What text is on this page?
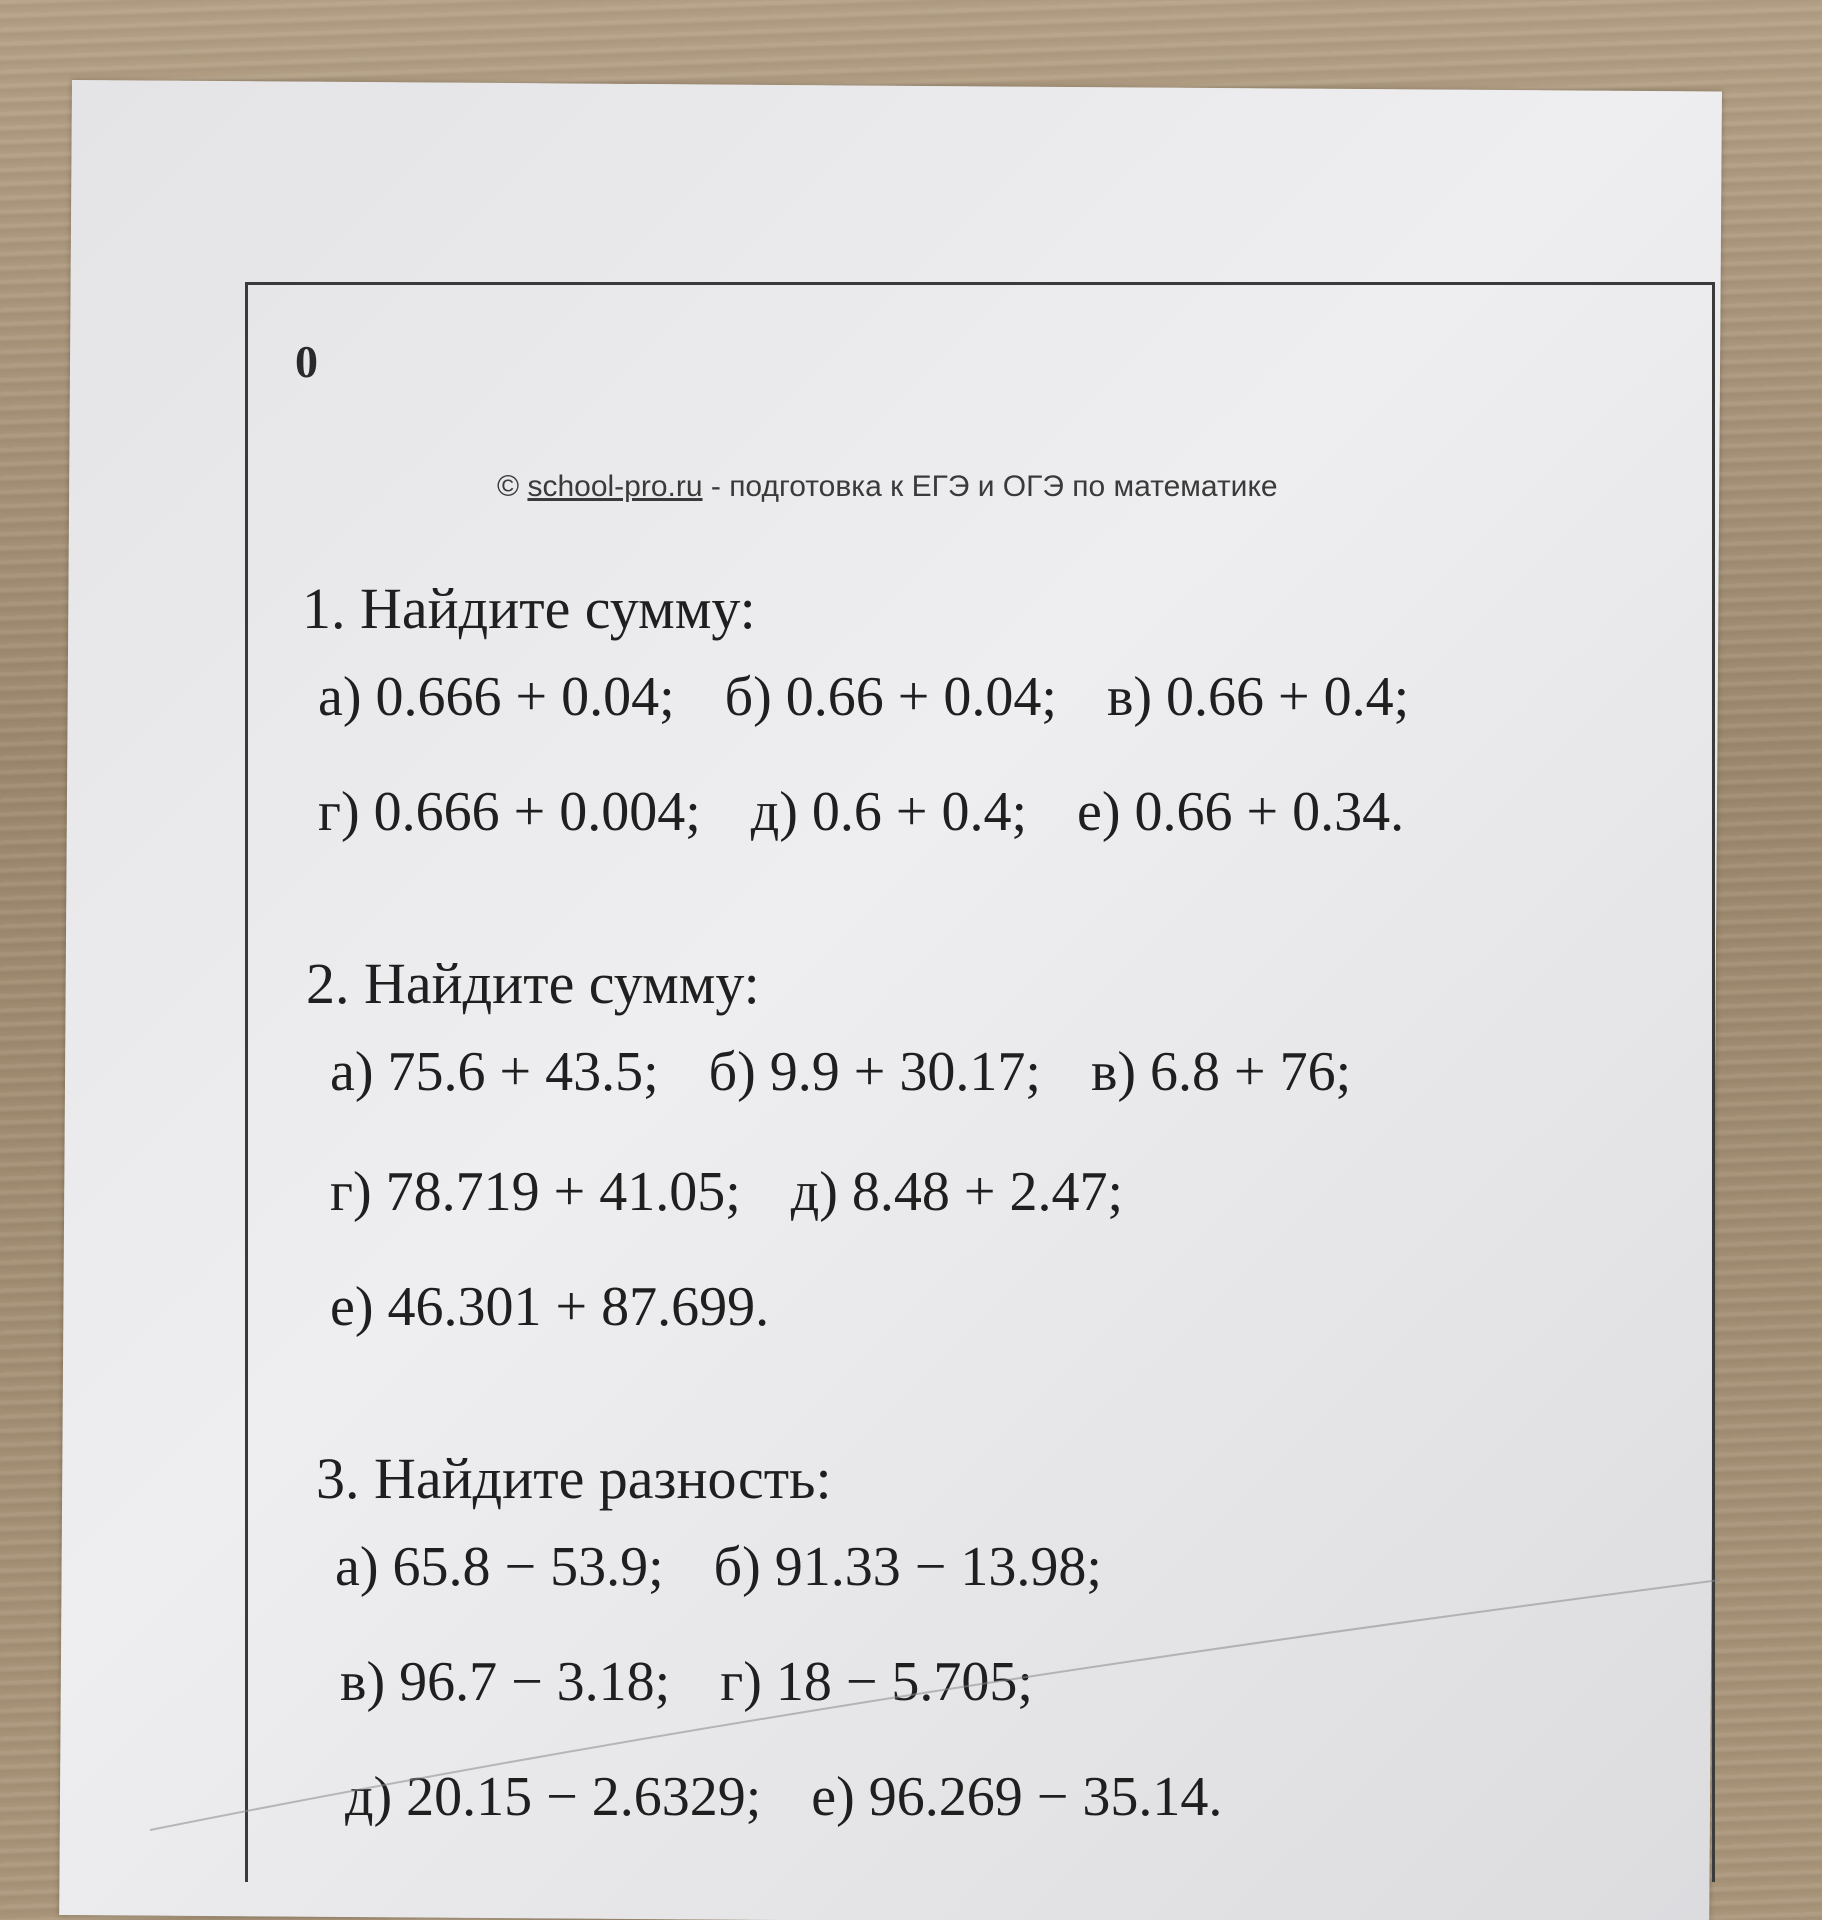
0
© school-pro.ru - подготовка к ЕГЭ и ОГЭ по математике
1. Найдите сумму:
а) 0.666 + 0.04; б) 0.66 + 0.04; в) 0.66 + 0.4;
г) 0.666 + 0.004; д) 0.6 + 0.4; е) 0.66 + 0.34.
2. Найдите сумму:
а) 75.6 + 43.5; б) 9.9 + 30.17; в) 6.8 + 76;
г) 78.719 + 41.05; д) 8.48 + 2.47;
е) 46.301 + 87.699.
3. Найдите разность:
а) 65.8 − 53.9; б) 91.33 − 13.98;
в) 96.7 − 3.18; г) 18 − 5.705;
д) 20.15 − 2.6329; е) 96.269 − 35.14.
